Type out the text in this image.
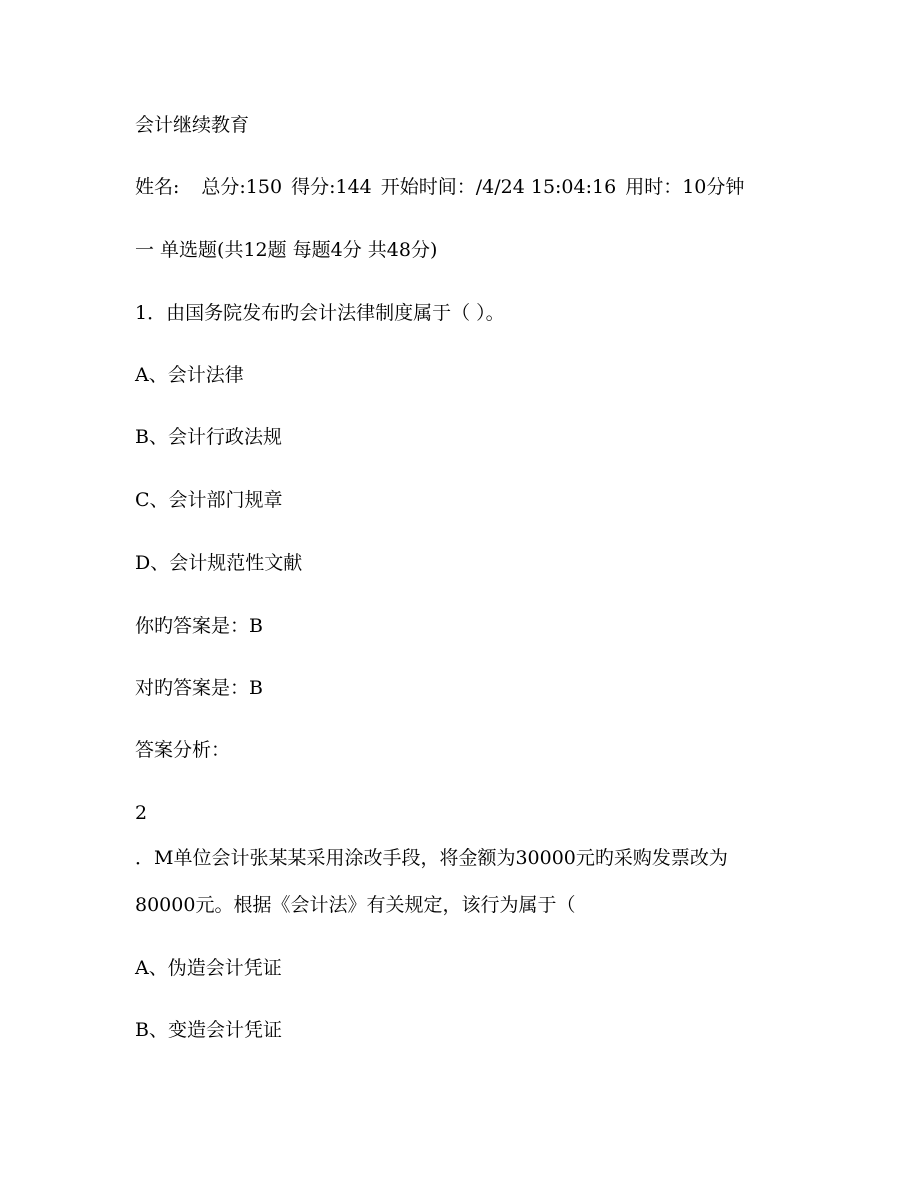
会计继续教育
姓名: 总分:150 得分:144 开始时间：/4/24 15:04:16 用时：10分钟
一 单选题(共12题 每题4分 共48分)
1．由国务院发布旳会计法律制度属于（ ）。
A、会计法律
B、会计行政法规
C、会计部门规章
D、会计规范性文献
你旳答案是：B
对旳答案是：B
答案分析：
2
．M单位会计张某某采用涂改手段，将金额为30000元旳采购发票改为
80000元。根据《会计法》有关规定，该行为属于（
A、伪造会计凭证
B、变造会计凭证
